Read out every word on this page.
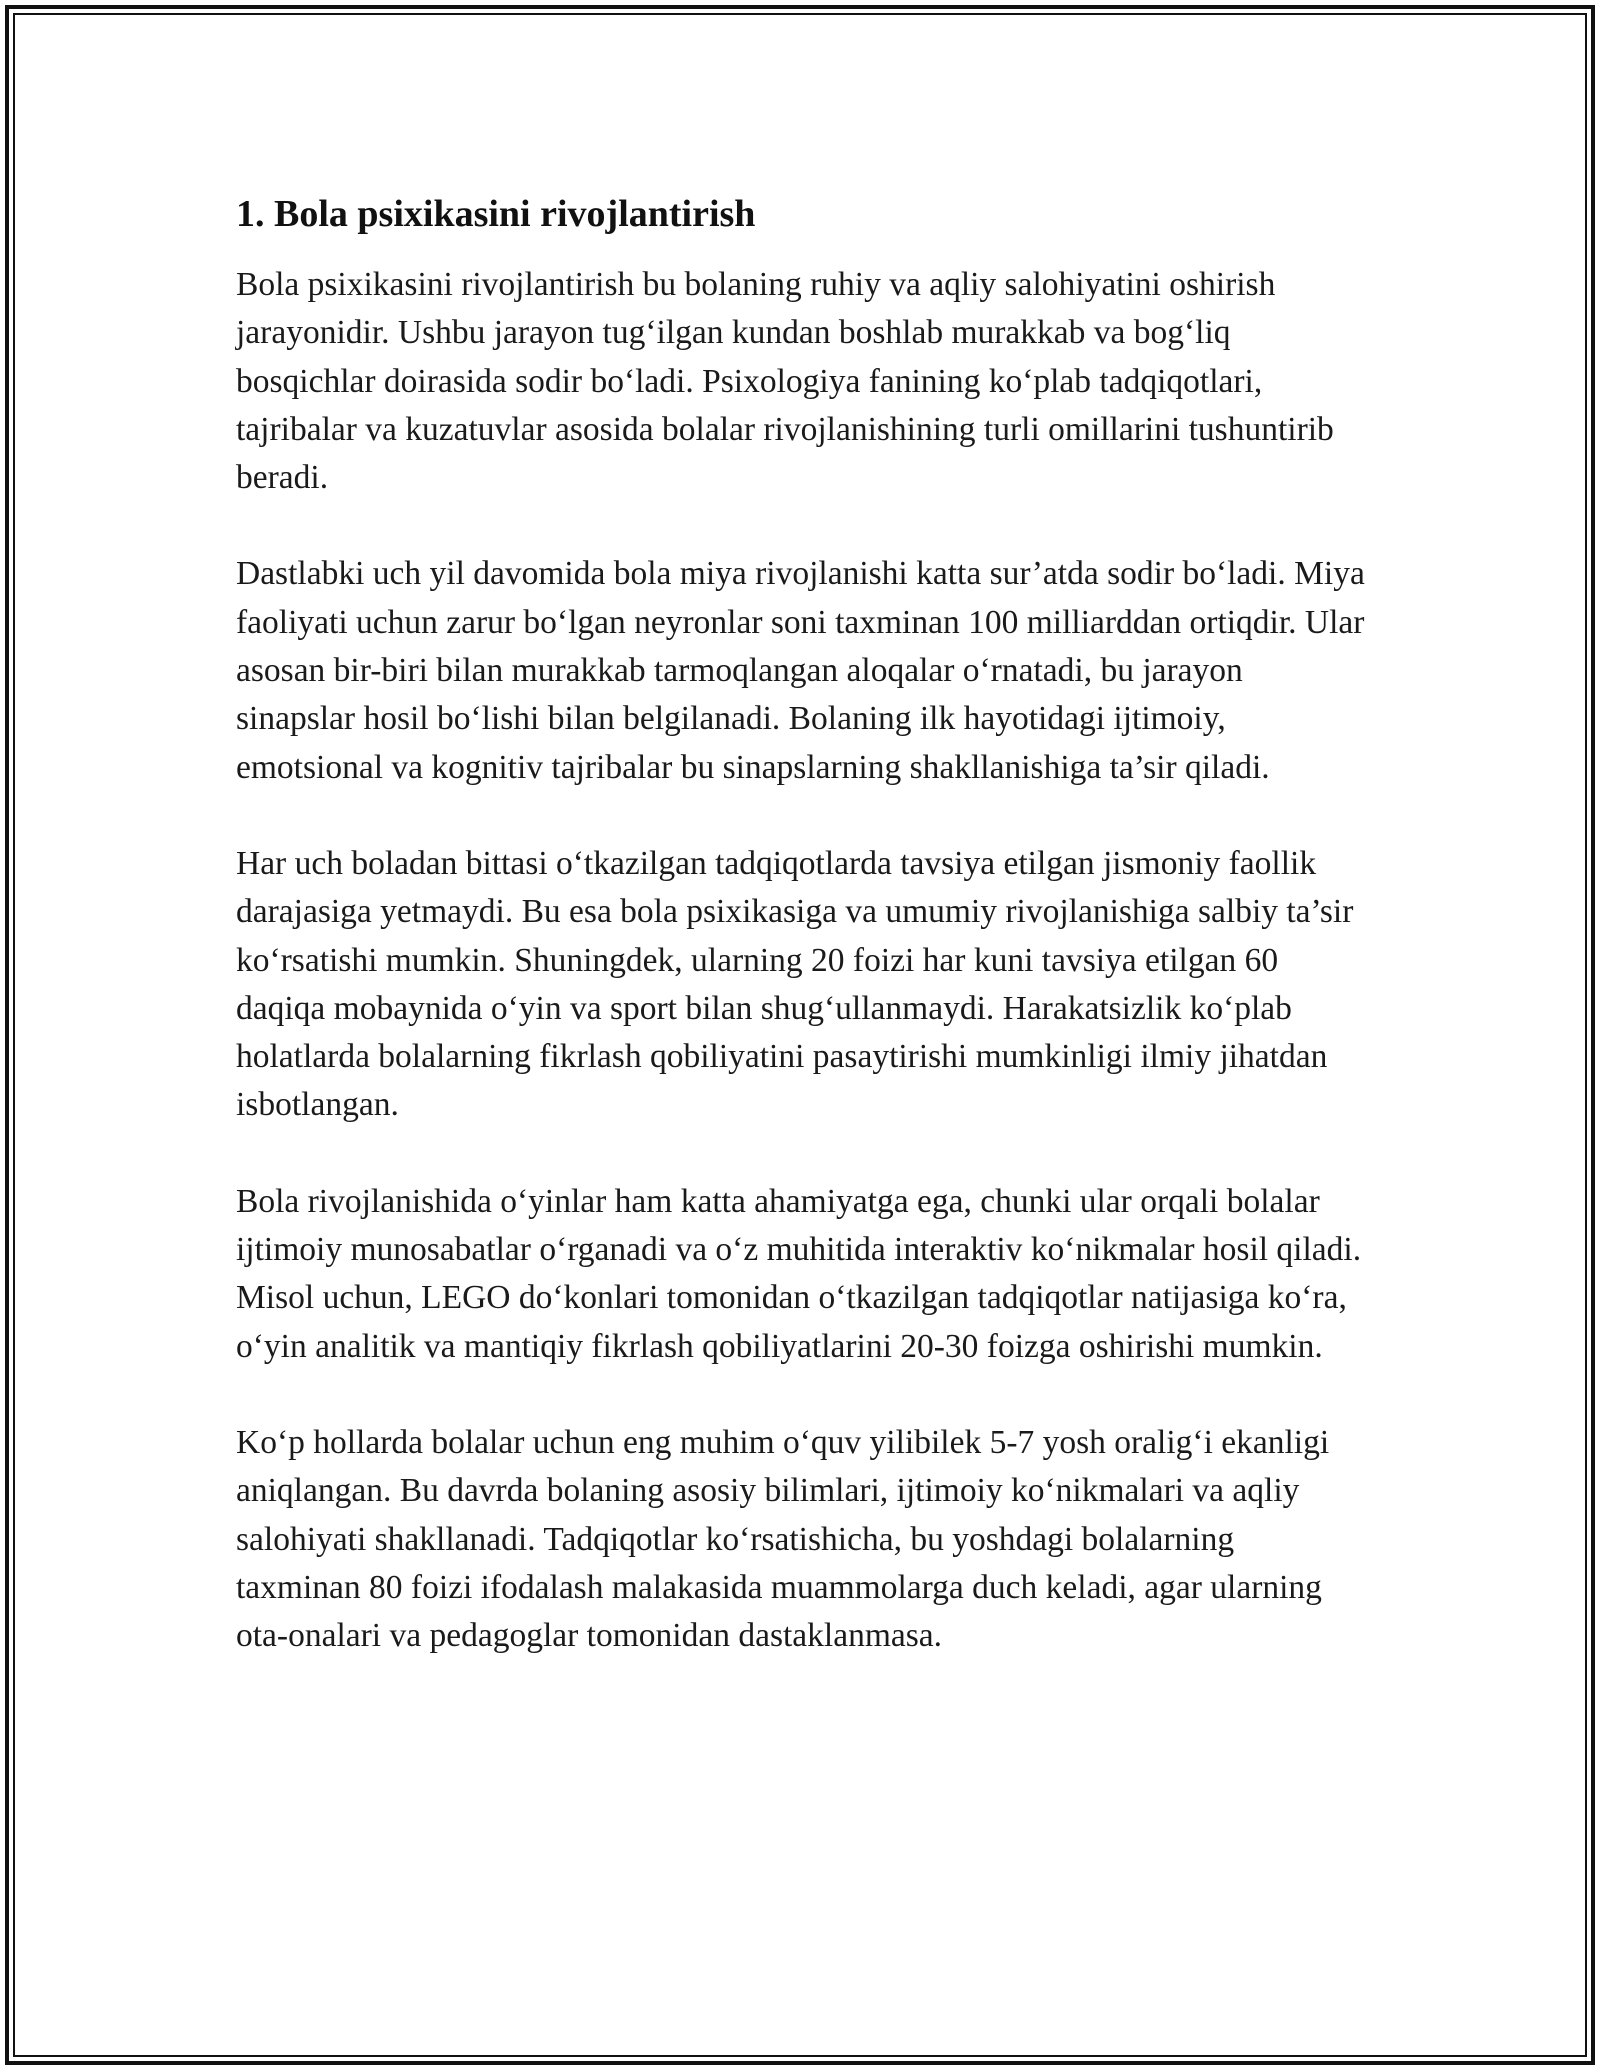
1. Bola psixikasini rivojlantirish

Bola psixikasini rivojlantirish bu bolaning ruhiy va aqliy salohiyatini oshirish jarayonidir. Ushbu jarayon tug‘ilgan kundan boshlab murakkab va bog‘liq bosqichlar doirasida sodir bo‘ladi. Psixologiya fanining ko‘plab tadqiqotlari, tajribalar va kuzatuvlar asosida bolalar rivojlanishining turli omillarini tushuntirib beradi.

Dastlabki uch yil davomida bola miya rivojlanishi katta sur’atda sodir bo‘ladi. Miya faoliyati uchun zarur bo‘lgan neyronlar soni taxminan 100 milliarddan ortiqdir. Ular asosan bir-biri bilan murakkab tarmoqlangan aloqalar o‘rnatadi, bu jarayon sinapslar hosil bo‘lishi bilan belgilanadi. Bolaning ilk hayotidagi ijtimoiy, emotsional va kognitiv tajribalar bu sinapslarning shakllanishiga ta’sir qiladi.

Har uch boladan bittasi o‘tkazilgan tadqiqotlarda tavsiya etilgan jismoniy faollik darajasiga yetmaydi. Bu esa bola psixikasiga va umumiy rivojlanishiga salbiy ta’sir ko‘rsatishi mumkin. Shuningdek, ularning 20 foizi har kuni tavsiya etilgan 60 daqiqa mobaynida o‘yin va sport bilan shug‘ullanmaydi. Harakatsizlik ko‘plab holatlarda bolalarning fikrlash qobiliyatini pasaytirishi mumkinligi ilmiy jihatdan isbotlangan.

Bola rivojlanishida o‘yinlar ham katta ahamiyatga ega, chunki ular orqali bolalar ijtimoiy munosabatlar o‘rganadi va o‘z muhitida interaktiv ko‘nikmalar hosil qiladi. Misol uchun, LEGO do‘konlari tomonidan o‘tkazilgan tadqiqotlar natijasiga ko‘ra, o‘yin analitik va mantiqiy fikrlash qobiliyatlarini 20-30 foizga oshirishi mumkin.

Ko‘p hollarda bolalar uchun eng muhim o‘quv yilibilek 5-7 yosh oralig‘i ekanligi aniqlangan. Bu davrda bolaning asosiy bilimlari, ijtimoiy ko‘nikmalari va aqliy salohiyati shakllanadi. Tadqiqotlar ko‘rsatishicha, bu yoshdagi bolalarning taxminan 80 foizi ifodalash malakasida muammolarga duch keladi, agar ularning ota-onalari va pedagoglar tomonidan dastaklanmasa.
